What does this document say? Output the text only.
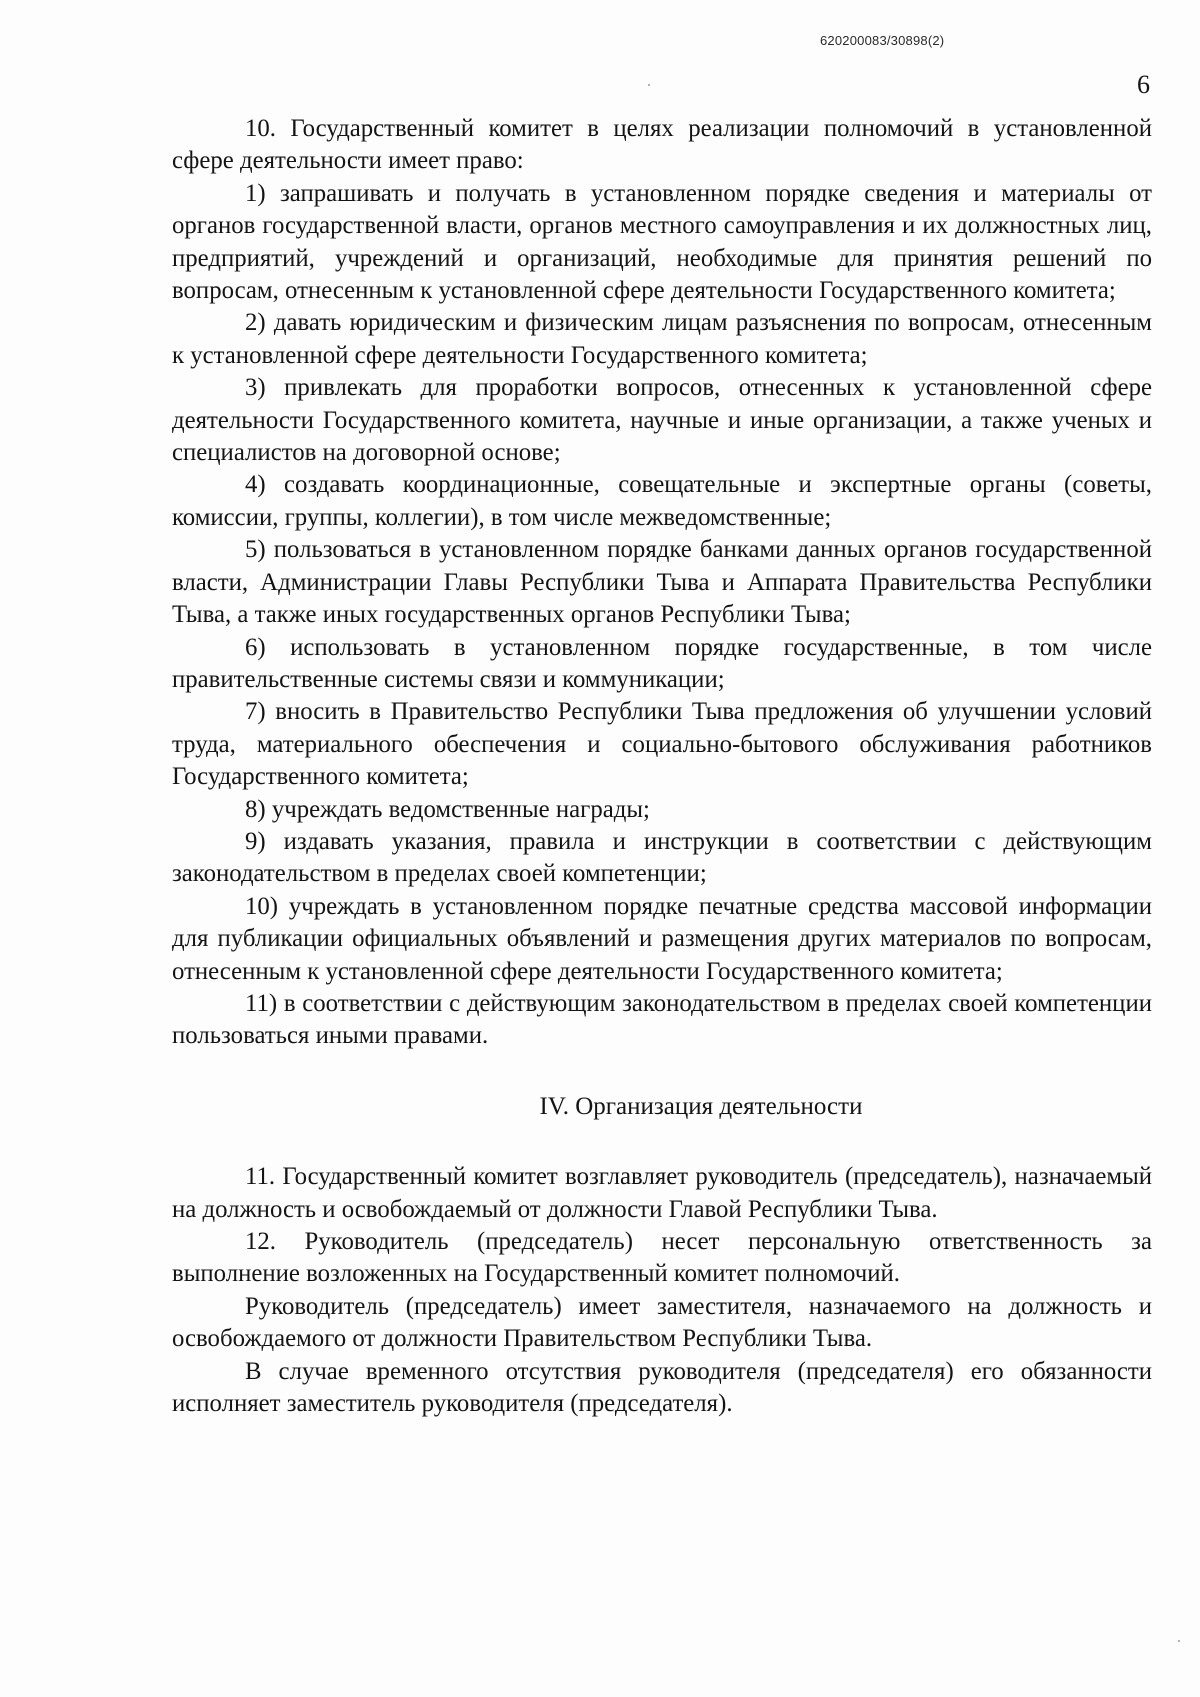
620200083/30898(2)
6

10. Государственный комитет в целях реализации полномочий в установленной сфере деятельности имеет право:

1) запрашивать и получать в установленном порядке сведения и материалы от органов государственной власти, органов местного самоуправления и их должностных лиц, предприятий, учреждений и организаций, необходимые для принятия решений по вопросам, отнесенным к установленной сфере деятельности Государственного комитета;

2) давать юридическим и физическим лицам разъяснения по вопросам, отнесенным к установленной сфере деятельности Государственного комитета;

3) привлекать для проработки вопросов, отнесенных к установленной сфере деятельности Государственного комитета, научные и иные организации, а также ученых и специалистов на договорной основе;

4) создавать координационные, совещательные и экспертные органы (советы, комиссии, группы, коллегии), в том числе межведомственные;

5) пользоваться в установленном порядке банками данных органов государственной власти, Администрации Главы Республики Тыва и Аппарата Правительства Республики Тыва, а также иных государственных органов Республики Тыва;

6) использовать в установленном порядке государственные, в том числе правительственные системы связи и коммуникации;

7) вносить в Правительство Республики Тыва предложения об улучшении условий труда, материального обеспечения и социально-бытового обслуживания работников Государственного комитета;

8) учреждать ведомственные награды;

9) издавать указания, правила и инструкции в соответствии с действующим законодательством в пределах своей компетенции;

10) учреждать в установленном порядке печатные средства массовой информации для публикации официальных объявлений и размещения других материалов по вопросам, отнесенным к установленной сфере деятельности Государственного комитета;

11) в соответствии с действующим законодательством в пределах своей компетенции пользоваться иными правами.

IV. Организация деятельности

11. Государственный комитет возглавляет руководитель (председатель), назначаемый на должность и освобождаемый от должности Главой Республики Тыва.

12. Руководитель (председатель) несет персональную ответственность за выполнение возложенных на Государственный комитет полномочий.

Руководитель (председатель) имеет заместителя, назначаемого на должность и освобождаемого от должности Правительством Республики Тыва.

В случае временного отсутствия руководителя (председателя) его обязанности исполняет заместитель руководителя (председателя).
